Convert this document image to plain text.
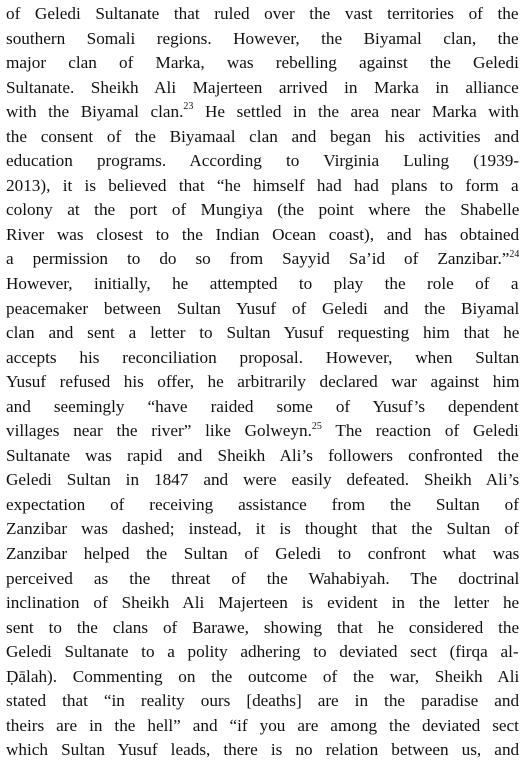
of Geledi Sultanate that ruled over the vast territories of the

southern Somali regions. However, the Biyamal clan, the

major clan of Marka, was rebelling against the Geledi

Sultanate. Sheikh Ali Majerteen arrived in Marka in alliance

with the Biyamal clan.$^{23}$ He settled in the area near Marka with

the consent of the Biyamaal clan and began his activities and

education programs. According to Virginia Luling (1939-

2013), it is believed that “he himself had had plans to form a

colony at the port of Mungiya (the point where the Shabelle

River was closest to the Indian Ocean coast), and has obtained

a permission to do so from Sayyid Sa’id of Zanzibar.”$^{24}$

However, initially, he attempted to play the role of a

peacemaker between Sultan Yusuf of Geledi and the Biyamal

clan and sent a letter to Sultan Yusuf requesting him that he

accepts his reconciliation proposal. However, when Sultan

Yusuf refused his offer, he arbitrarily declared war against him

and seemingly “have raided some of Yusuf’s dependent

villages near the river” like Golweyn.$^{25}$ The reaction of Geledi

Sultanate was rapid and Sheikh Ali’s followers confronted the

Geledi Sultan in 1847 and were easily defeated. Sheikh Ali’s

expectation of receiving assistance from the Sultan of

Zanzibar was dashed; instead, it is thought that the Sultan of

Zanzibar helped the Sultan of Geledi to confront what was

perceived as the threat of the Wahabiyah. The doctrinal

inclination of Sheikh Ali Majerteen is evident in the letter he

sent to the clans of Barawe, showing that he considered the

Geledi Sultanate to a polity adhering to deviated sect (firqa al-

Ḍālah). Commenting on the outcome of the war, Sheikh Ali

stated that “in reality ours [deaths] are in the paradise and

theirs are in the hell” and “if you are among the deviated sect

which Sultan Yusuf leads, there is no relation between us, and
